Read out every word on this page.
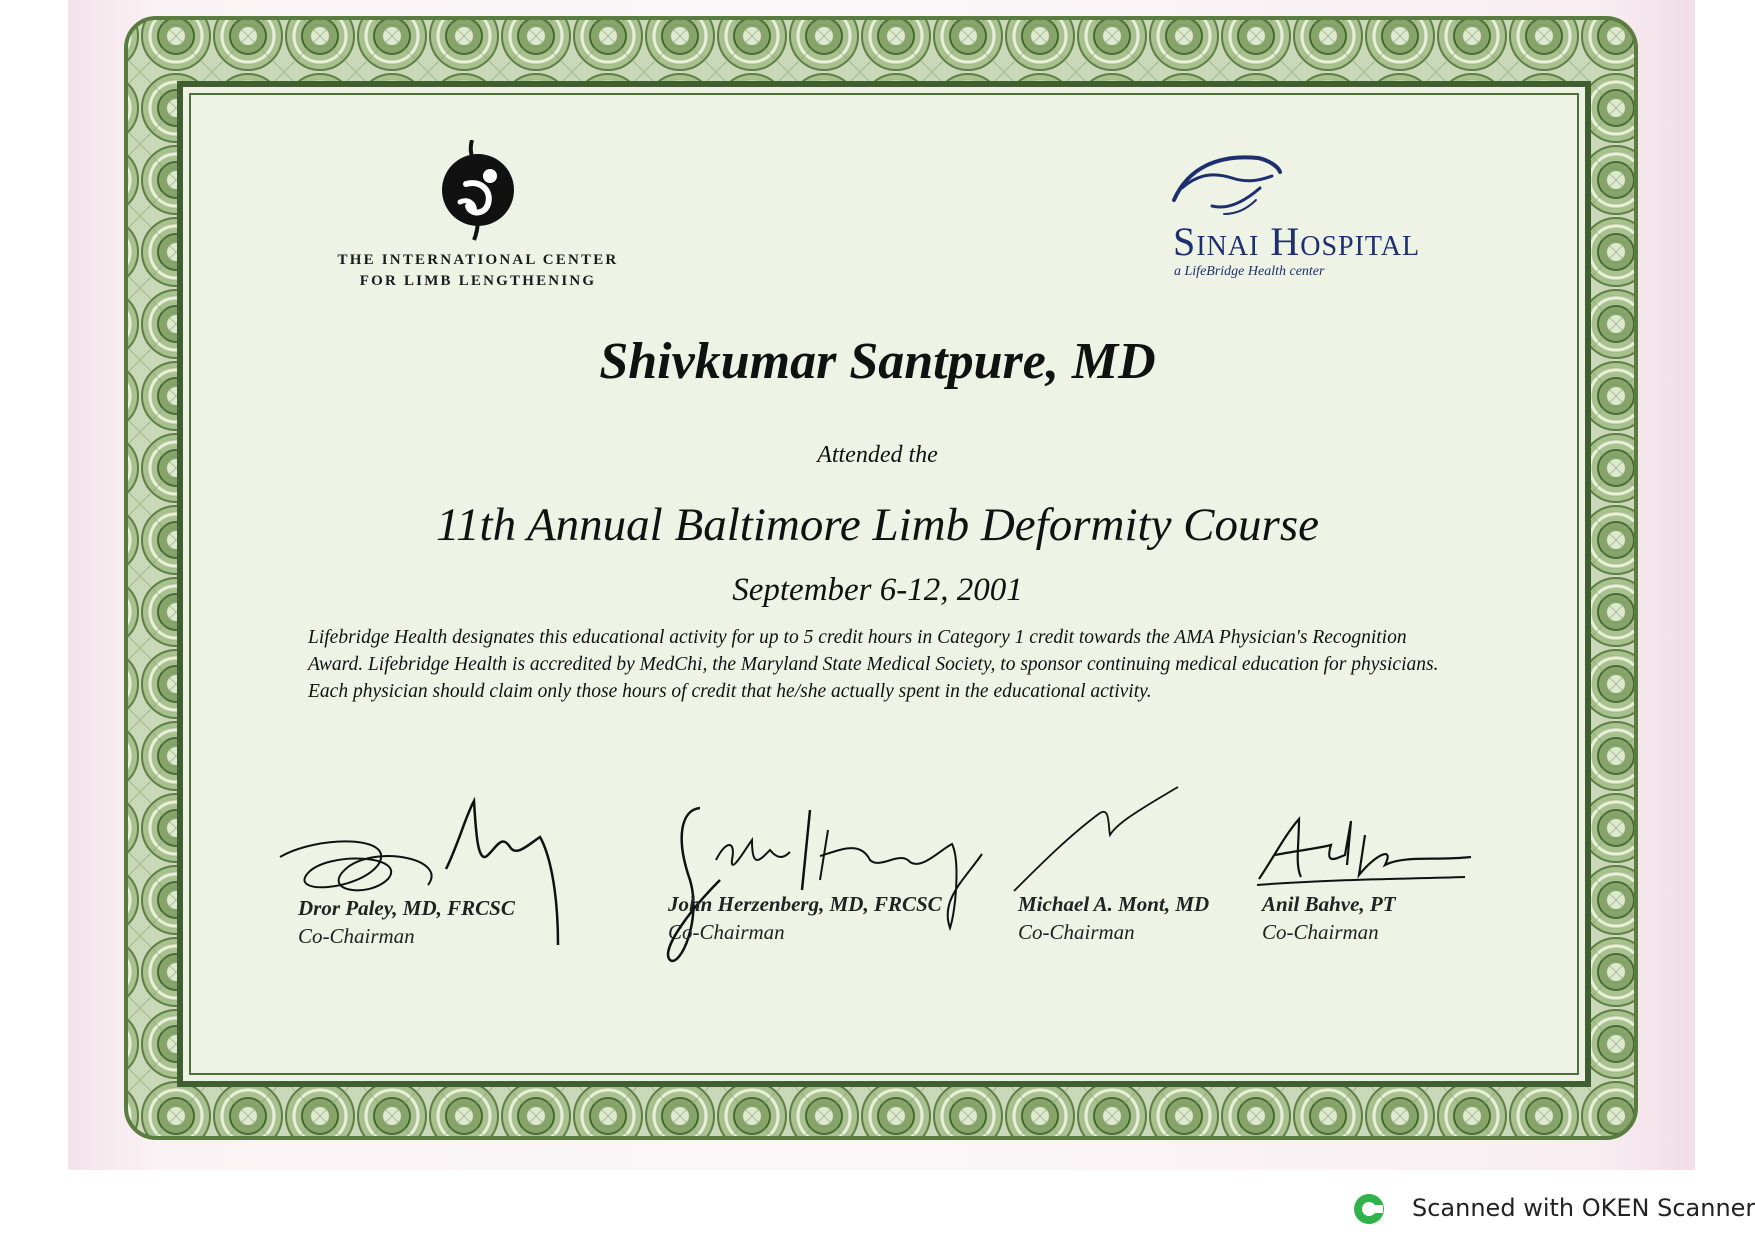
THE INTERNATIONAL CENTER
FOR LIMB LENGTHENING
Sinai Hospital
a LifeBridge Health center
Shivkumar Santpure, MD
Attended the
11th Annual Baltimore Limb Deformity Course
September 6-12, 2001
Lifebridge Health designates this educational activity for up to 5 credit hours in Category 1 credit towards the AMA Physician's Recognition Award. Lifebridge Health is accredited by MedChi, the Maryland State Medical Society, to sponsor continuing medical education for physicians. Each physician should claim only those hours of credit that he/she actually spent in the educational activity.
Dror Paley, MD, FRCSC
Co-Chairman
John Herzenberg, MD, FRCSC
Co-Chairman
Michael A. Mont, MD
Co-Chairman
Anil Bahve, PT
Co-Chairman
Scanned with OKEN Scanner
